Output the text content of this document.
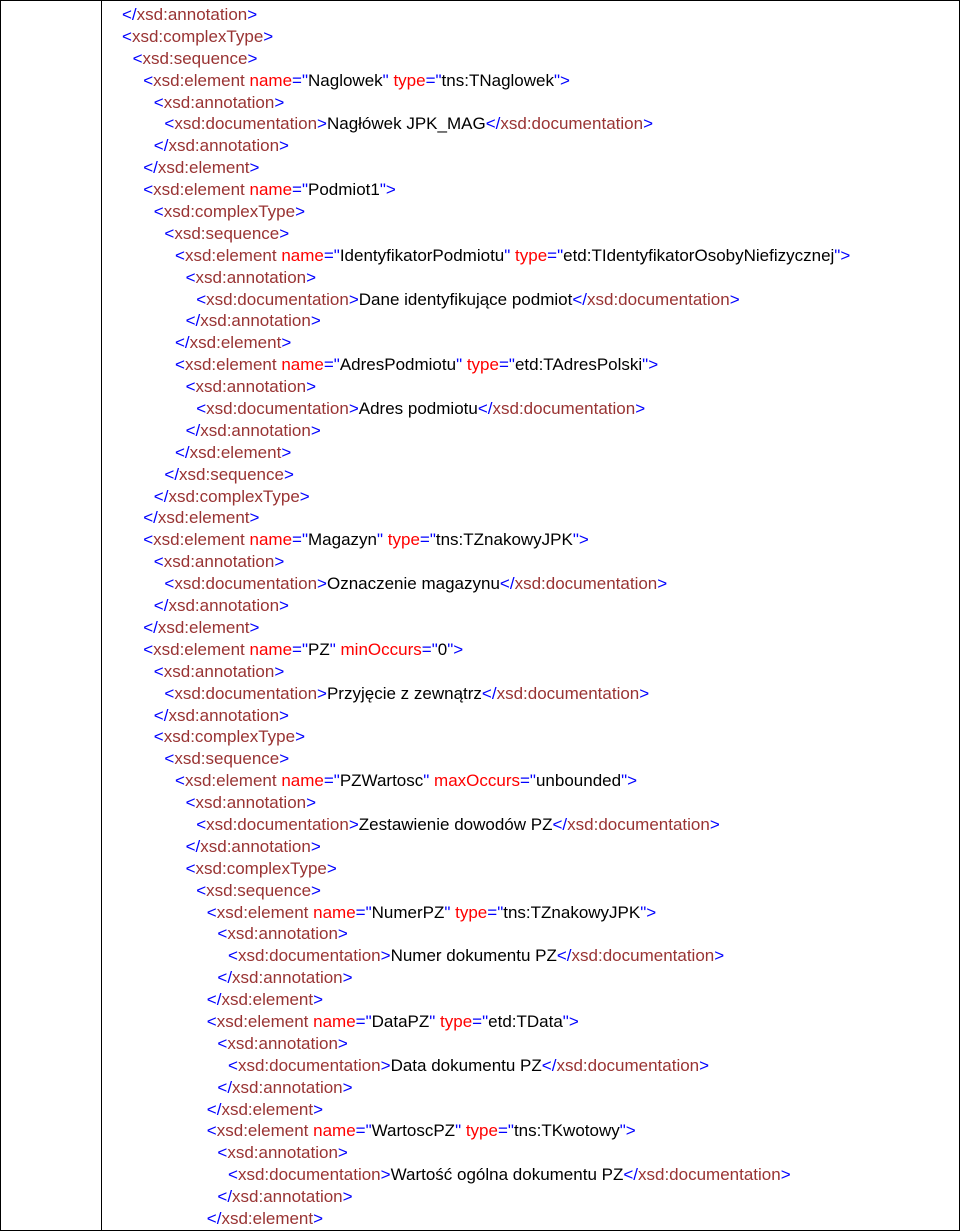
</xsd:annotation>
<xsd:complexType>
<xsd:sequence>
<xsd:element name="Naglowek" type="tns:TNaglowek">
<xsd:annotation>
<xsd:documentation>Nagłówek JPK_MAG</xsd:documentation>
</xsd:annotation>
</xsd:element>
<xsd:element name="Podmiot1">
<xsd:complexType>
<xsd:sequence>
<xsd:element name="IdentyfikatorPodmiotu" type="etd:TIdentyfikatorOsobyNiefizycznej">
<xsd:annotation>
<xsd:documentation>Dane identyfikujące podmiot</xsd:documentation>
</xsd:annotation>
</xsd:element>
<xsd:element name="AdresPodmiotu" type="etd:TAdresPolski">
<xsd:annotation>
<xsd:documentation>Adres podmiotu</xsd:documentation>
</xsd:annotation>
</xsd:element>
</xsd:sequence>
</xsd:complexType>
</xsd:element>
<xsd:element name="Magazyn" type="tns:TZnakowyJPK">
<xsd:annotation>
<xsd:documentation>Oznaczenie magazynu</xsd:documentation>
</xsd:annotation>
</xsd:element>
<xsd:element name="PZ" minOccurs="0">
<xsd:annotation>
<xsd:documentation>Przyjęcie z zewnątrz</xsd:documentation>
</xsd:annotation>
<xsd:complexType>
<xsd:sequence>
<xsd:element name="PZWartosc" maxOccurs="unbounded">
<xsd:annotation>
<xsd:documentation>Zestawienie dowodów PZ</xsd:documentation>
</xsd:annotation>
<xsd:complexType>
<xsd:sequence>
<xsd:element name="NumerPZ" type="tns:TZnakowyJPK">
<xsd:annotation>
<xsd:documentation>Numer dokumentu PZ</xsd:documentation>
</xsd:annotation>
</xsd:element>
<xsd:element name="DataPZ" type="etd:TData">
<xsd:annotation>
<xsd:documentation>Data dokumentu PZ</xsd:documentation>
</xsd:annotation>
</xsd:element>
<xsd:element name="WartoscPZ" type="tns:TKwotowy">
<xsd:annotation>
<xsd:documentation>Wartość ogólna dokumentu PZ</xsd:documentation>
</xsd:annotation>
</xsd:element>
